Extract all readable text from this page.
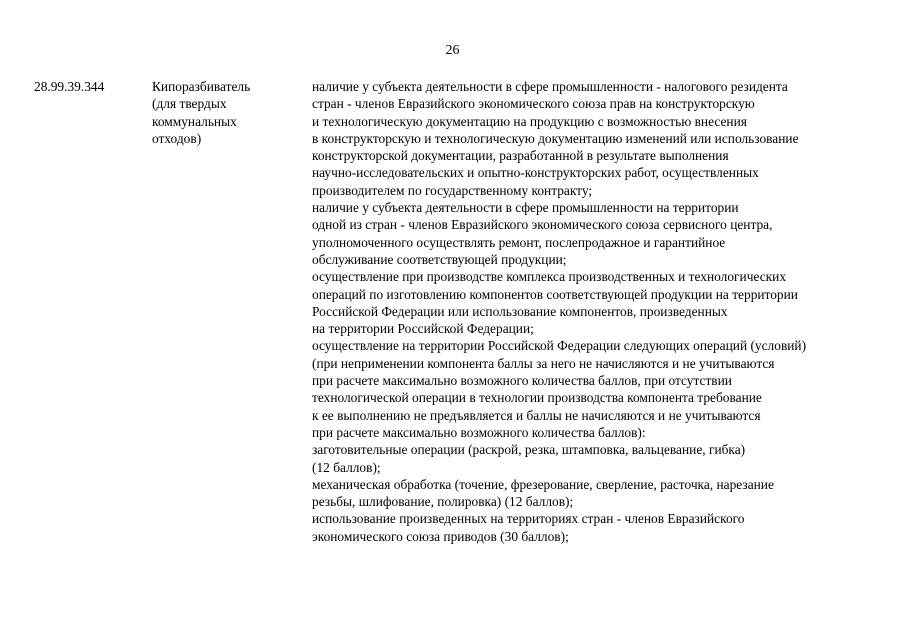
26
28.99.39.344	Кипоразбиватель
(для твердых
коммунальных
отходов)
наличие у субъекта деятельности в сфере промышленности - налогового резидента
стран - членов Евразийского экономического союза прав на конструкторскую
и технологическую документацию на продукцию с возможностью внесения
в конструкторскую и технологическую документацию изменений или использование
конструкторской документации, разработанной в результате выполнения
научно-исследовательских и опытно-конструкторских работ, осуществленных
производителем по государственному контракту;
наличие у субъекта деятельности в сфере промышленности на территории
одной из стран - членов Евразийского экономического союза сервисного центра,
уполномоченного осуществлять ремонт, послепродажное и гарантийное
обслуживание соответствующей продукции;
осуществление при производстве комплекса производственных и технологических
операций по изготовлению компонентов соответствующей продукции на территории
Российской Федерации или использование компонентов, произведенных
на территории Российской Федерации;
осуществление на территории Российской Федерации следующих операций (условий)
(при неприменении компонента баллы за него не начисляются и не учитываются
при расчете максимально возможного количества баллов, при отсутствии
технологической операции в технологии производства компонента требование
к ее выполнению не предъявляется и баллы не начисляются и не учитываются
при расчете максимально возможного количества баллов):
заготовительные операции (раскрой, резка, штамповка, вальцевание, гибка)
(12 баллов);
механическая обработка (точение, фрезерование, сверление, расточка, нарезание
резьбы, шлифование, полировка) (12 баллов);
использование произведенных на территориях стран - членов Евразийского
экономического союза приводов (30 баллов);
